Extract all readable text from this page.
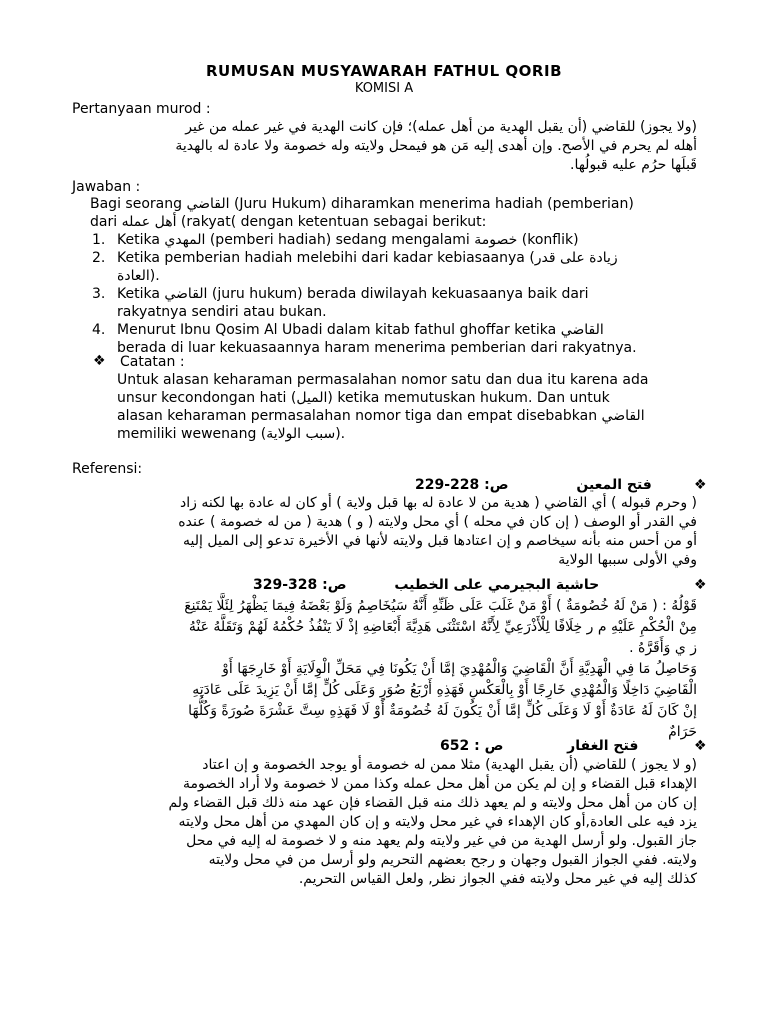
RUMUSAN MUSYAWARAH FATHUL QORIB
KOMISI A
Pertanyaan murod :

(ولا يجوز) للقاضي (أن يقبل الهدية من أهل عمله)؛ فإن كانت الهدية في غير عمله من غير

أهله لم يحرم في الأصح. وإن أهدى إليه مَن هو فيمحل ولايته وله خصومة ولا عادة له بالهدية

قَبلَها حرُم عليه قبولُها.

Jawaban :

Bagi seorang القاضي (Juru Hukum) diharamkan menerima hadiah (pemberian)

dari أهل عمله (rakyat( dengan ketentuan sebagai berikut:
1. Ketika المهدي (pemberi hadiah) sedang mengalami خصومة (konflik)
2. Ketika pemberian hadiah melebihi dari kadar kebiasaanya (زيادة على قدر

العادة).
3. Ketika القاضي (juru hukum) berada diwilayah kekuasaanya baik dari

rakyatnya sendiri atau bukan.
4. Menurut Ibnu Qosim Al Ubadi dalam kitab fathul ghoffar ketika القاضي

berada di luar kekuasaannya haram menerima pemberian dari rakyatnya.
❖ Catatan :

Untuk alasan keharaman permasalahan nomor satu dan dua itu karena ada

unsur kecondongan hati (الميل) ketika memutuskan hukum. Dan untuk

alasan keharaman permasalahan nomor tiga dan empat disebabkan القاضي

memiliki wewenang (سبب الولاية).
Referensi:
❖
ص: 228-229	فتح المعين

( وحرم قبوله ) أي القاضي ( هدية من لا عادة له بها قبل ولاية ) أو كان له عادة بها لكنه زاد

في القدر أو الوصف ( إن كان في محله ) أي محل ولايته ( و ) هدية ( من له خصومة ) عنده

أو من أحس منه بأنه سيخاصم و إن اعتادها قبل ولايته لأنها في الأخيرة تدعو إلى الميل إليه

وفي الأولى سببها الولاية

❖
ص: 328-329	حاشية البجيرمي على الخطيب

قَوْلُهُ : ( مَنْ لَهُ خُصُومَةٌ ) أَوْ مَنْ غَلَبَ عَلَى ظَنِّهِ أَنَّهُ سَيُخَاصِمُ وَلَوْ بَعْضَهُ فِيمَا يَظْهَرُ لِئَلَّا يَمْتَنِعَ

مِنْ الْحُكْمِ عَلَيْهِ م ر خِلَافًا لِلْأَذْرَعِيِّ لِأَنَّهُ اسْتَثْنَى هَدِيَّةَ أَبْعَاضِهِ إذْ لَا يَنْفُذُ حُكْمُهُ لَهُمْ وَتَقَلَّهُ عَنْهُ

ز ي وَأَقَرَّهُ .

وَحَاصِلُ مَا فِي الْهَدِيَّةِ أَنَّ الْقَاضِيَ وَالْمُهْدِيَ إمَّا أَنْ يَكُونَا فِي مَحَلِّ الْوِلَايَةِ أَوْ خَارِجَهَا أَوْ

الْقَاضِيَ دَاخِلًا وَالْمُهْدِي خَارِجًا أَوْ بِالْعَكْسِ فَهَذِهِ أَرْبَعُ صُوَرٍ وَعَلَى كُلٍّ إمَّا أَنْ يَزِيدَ عَلَى عَادَتِهِ

إنْ كَانَ لَهُ عَادَةٌ أَوْ لَا وَعَلَى كُلٍّ إمَّا أَنْ يَكُونَ لَهُ خُصُومَةٌ أَوْ لَا فَهَذِهِ سِتَّ عَشْرَةَ صُورَةً وَكُلُّهَا

حَرَامٌ

❖
ص : 652	فتح الغفار

(و لا يجوز ) للقاضي (أن يقبل الهدية) مثلا ممن له خصومة أو يوجد الخصومة و إن اعتاد

الإهداء قبل القضاء و إن لم يكن من أهل محل عمله وكذا ممن لا خصومة ولا أراد الخصومة

إن كان من أهل محل ولايته و لم يعهد ذلك منه قبل القضاء فإن عهد منه ذلك قبل القضاء ولم

يزد فيه على العادة,أو كان الإهداء في غير محل ولايته و إن كان المهدي من أهل محل ولايته

جاز القبول. ولو أرسل الهدية من في غير ولايته ولم يعهد منه و لا خصومة له إليه في محل

ولايته. ففي الجواز القبول وجهان و رجح بعضهم التحريم ولو أرسل من في محل ولايته

كذلك إليه في غير محل ولايته ففي الجواز نظر, ولعل القياس التحريم.
